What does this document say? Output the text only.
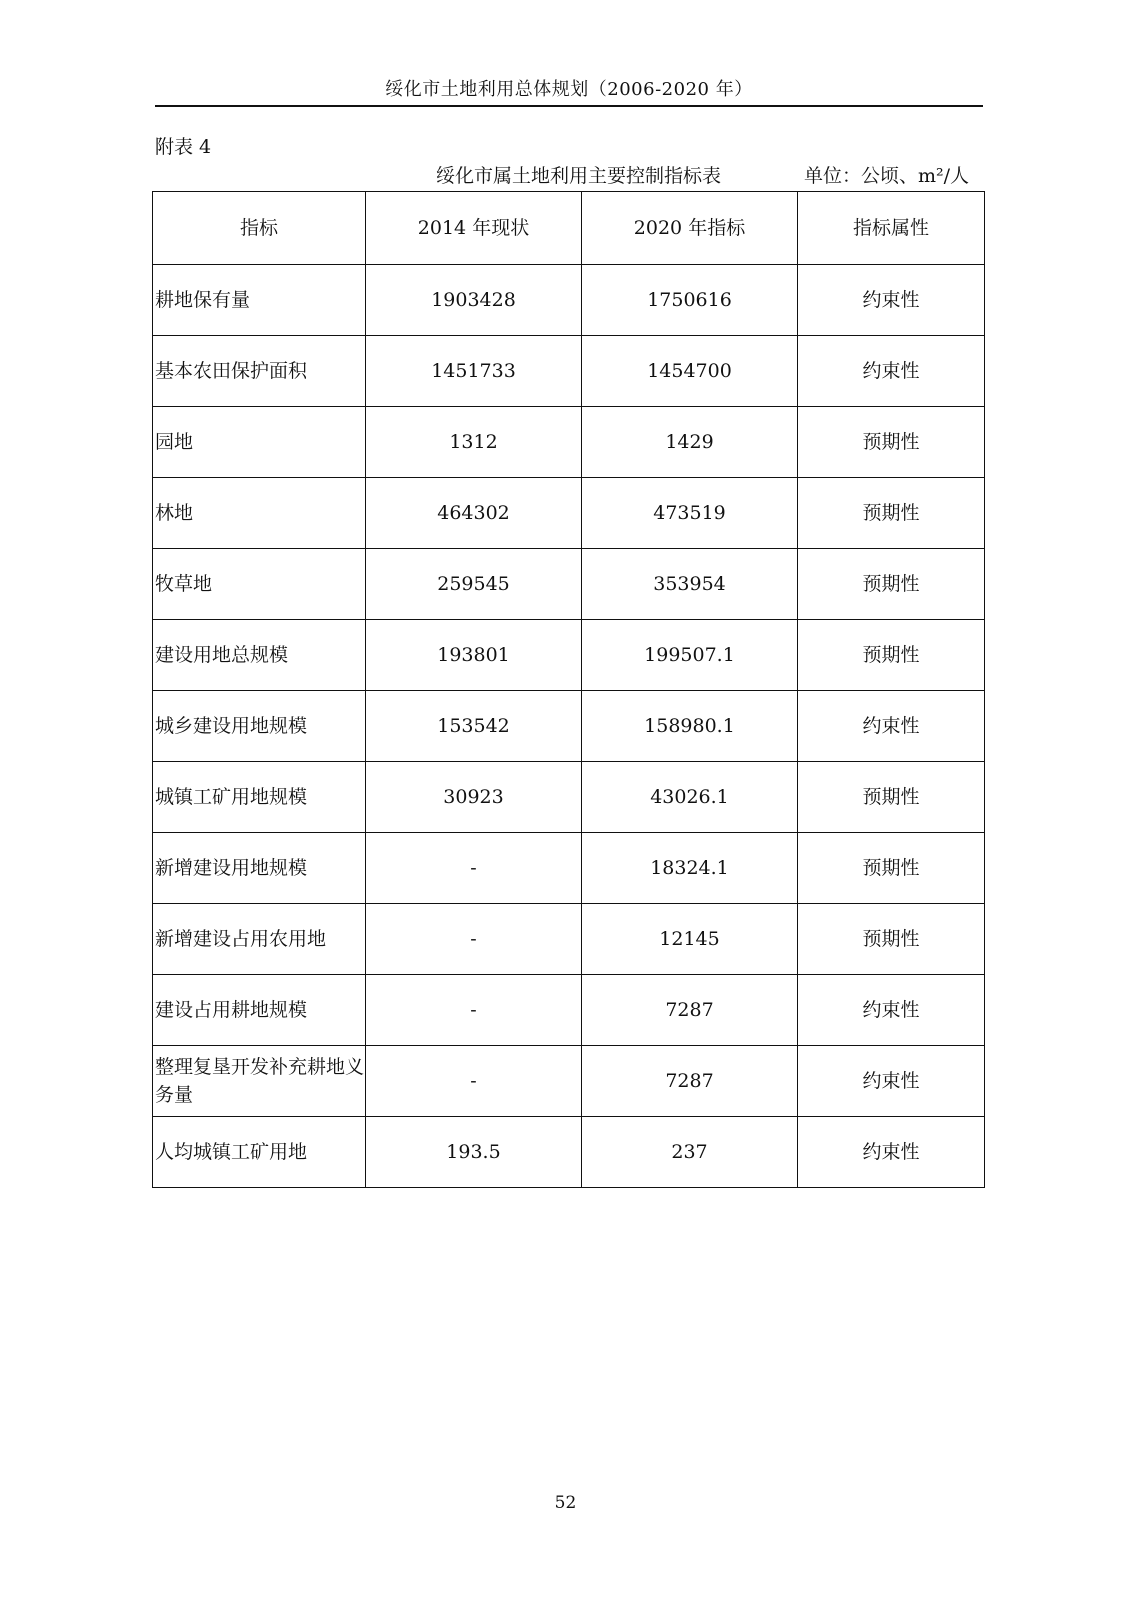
绥化市土地利用总体规划（2006-2020 年）
附表 4
绥化市属土地利用主要控制指标表	单位：公顷、m²/人
指标	2014 年现状	2020 年指标	指标属性
耕地保有量	1903428	1750616	约束性
基本农田保护面积	1451733	1454700	约束性
园地	1312	1429	预期性
林地	464302	473519	预期性
牧草地	259545	353954	预期性
建设用地总规模	193801	199507.1	预期性
城乡建设用地规模	153542	158980.1	约束性
城镇工矿用地规模	30923	43026.1	预期性
新增建设用地规模	-	18324.1	预期性
新增建设占用农用地	-	12145	预期性
建设占用耕地规模	-	7287	约束性
整理复垦开发补充耕地义务量	-	7287	约束性
人均城镇工矿用地	193.5	237	约束性
52
